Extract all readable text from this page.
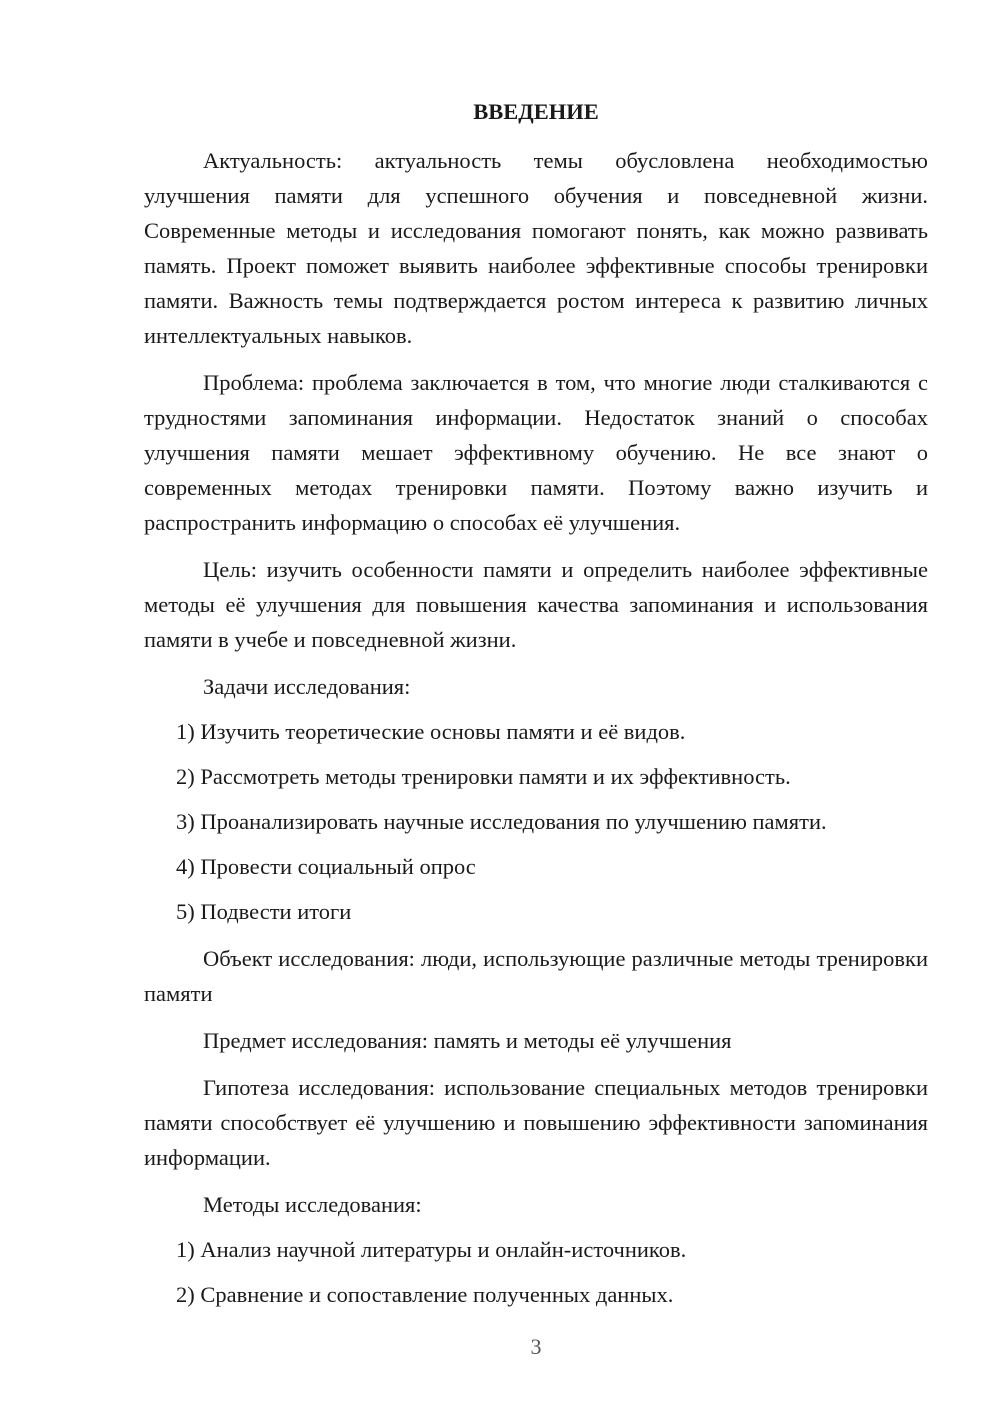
ВВЕДЕНИЕ

Актуальность: актуальность темы обусловлена необходимостью улучшения памяти для успешного обучения и повседневной жизни. Современные методы и исследования помогают понять, как можно развивать память. Проект поможет выявить наиболее эффективные способы тренировки памяти. Важность темы подтверждается ростом интереса к развитию личных интеллектуальных навыков.

Проблема: проблема заключается в том, что многие люди сталкиваются с трудностями запоминания информации. Недостаток знаний о способах улучшения памяти мешает эффективному обучению. Не все знают о современных методах тренировки памяти. Поэтому важно изучить и распространить информацию о способах её улучшения.

Цель: изучить особенности памяти и определить наиболее эффективные методы её улучшения для повышения качества запоминания и использования памяти в учебе и повседневной жизни.

Задачи исследования:

1) Изучить теоретические основы памяти и её видов.
2) Рассмотреть методы тренировки памяти и их эффективность.
3) Проанализировать научные исследования по улучшению памяти.
4) Провести социальный опрос
5) Подвести итоги

Объект исследования: люди, использующие различные методы тренировки памяти

Предмет исследования: память и методы её улучшения

Гипотеза исследования: использование специальных методов тренировки памяти способствует её улучшению и повышению эффективности запоминания информации.

Методы исследования:

1) Анализ научной литературы и онлайн-источников.
2) Сравнение и сопоставление полученных данных.
3
